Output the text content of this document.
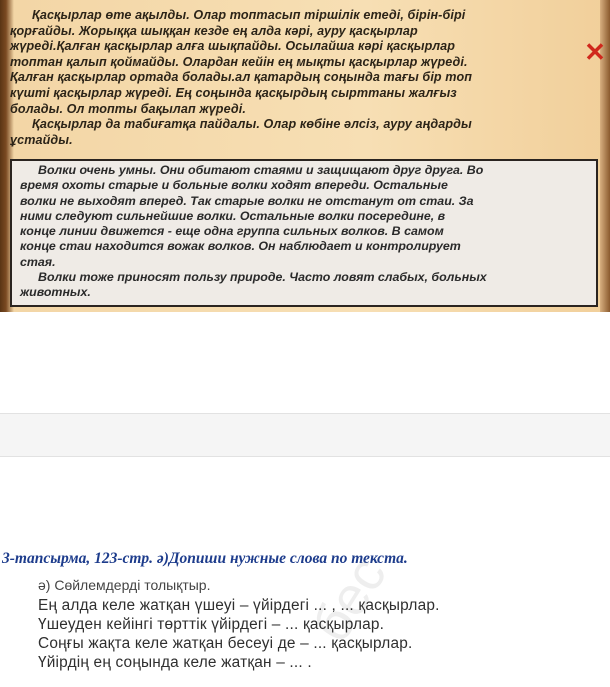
Қасқырлар өте ақылды. Олар топтасып тіршілік етеді, бірін-бірі

қорғайды. Жорыққа шыққан кезде ең алда кәрі, ауру қасқырлар

жүреді.Қалған қасқырлар алға шықпайды. Осылайша кәрі қасқырлар

топтан қалып қоймайды. Олардан кейін ең мықты қасқырлар жүреді.

Қалған қасқырлар ортада болады.ал қатардың соңында тағы бір топ

күшті қасқырлар жүреді. Ең соңында қасқырдың сырттаны жалғыз

болады. Ол топты бақылап жүреді.

Қасқырлар да табиғатқа пайдалы. Олар көбіне әлсіз, ауру аңдарды

ұстайды.

✕

Волки очень умны. Они обитают стаями и защищают друг друга. Во

время охоты старые и больные волки ходят впереди. Остальные

волки не выходят вперед. Так старые волки не отстанут от стаи. За

ними следуют сильнейшие волки. Остальные волки посередине, в

конце линии движется - еще одна группа сильных волков. В самом

конце стаи находится вожак волков. Он наблюдает и контролирует

стая.

Волки тоже приносят пользу природе. Часто ловят слабых, больных

животных.

3-тапсырма, 123-стр. ә)Допиши нужные слова по текста.
бес
ә) Сөйлемдерді толықтыр.
Ең алда келе жатқан үшеуі – үйірдегі ... , ... қасқырлар.
Үшеуден кейінгі төрттік үйірдегі – ... қасқырлар.
Соңғы жақта келе жатқан бесеуі де – ... қасқырлар.
Үйірдің ең соңында келе жатқан – ... .
